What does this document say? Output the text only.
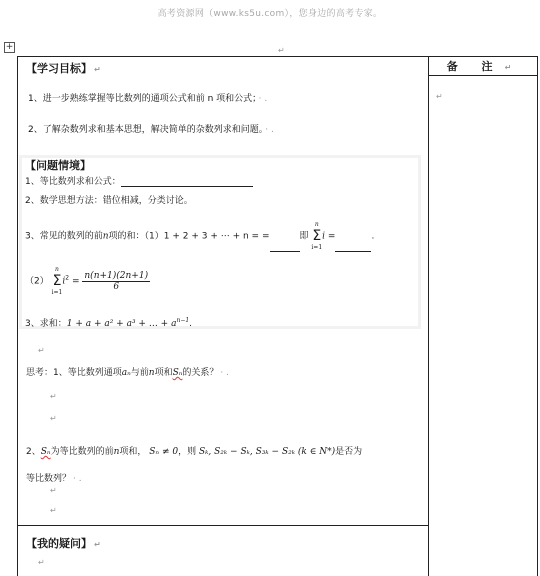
高考资源网（www.ks5u.com），您身边的高考专家。
+	↵
备 注 ↵
↵
【学习目标】 ↵
1、进一步熟练掌握等比数列的通项公式和前 n 项和公式； · .
2、了解杂数列求和基本思想，解决简单的杂数列求和问题。 · .
【问题情境】
1、等比数列求和公式：
2、数学思想方法：错位相减，分类讨论。
3、常见的数列的前n项的和：（1）1 + 2 + 3 + ⋯ + n = =	即
n
Σ
i=1
i =	.
（2）
n
Σ
i=1
$i^2 = \frac{n(n+1)(2n+1)}{6}$
3、求和：1 + a + a² + a³ + … + $a^{n-1}$.
↵
思考：1、等比数列通项aₙ与前n项和Sₙ的关系？ · .
↵
↵
2、Sₙ为等比数列的前n项和， Sₙ ≠ 0，则 Sₖ, S₂ₖ − Sₖ, S₃ₖ − S₂ₖ (k ∈ N*)是否为
等比数列？ · .
↵
↵
【我的疑问】 ↵
↵
